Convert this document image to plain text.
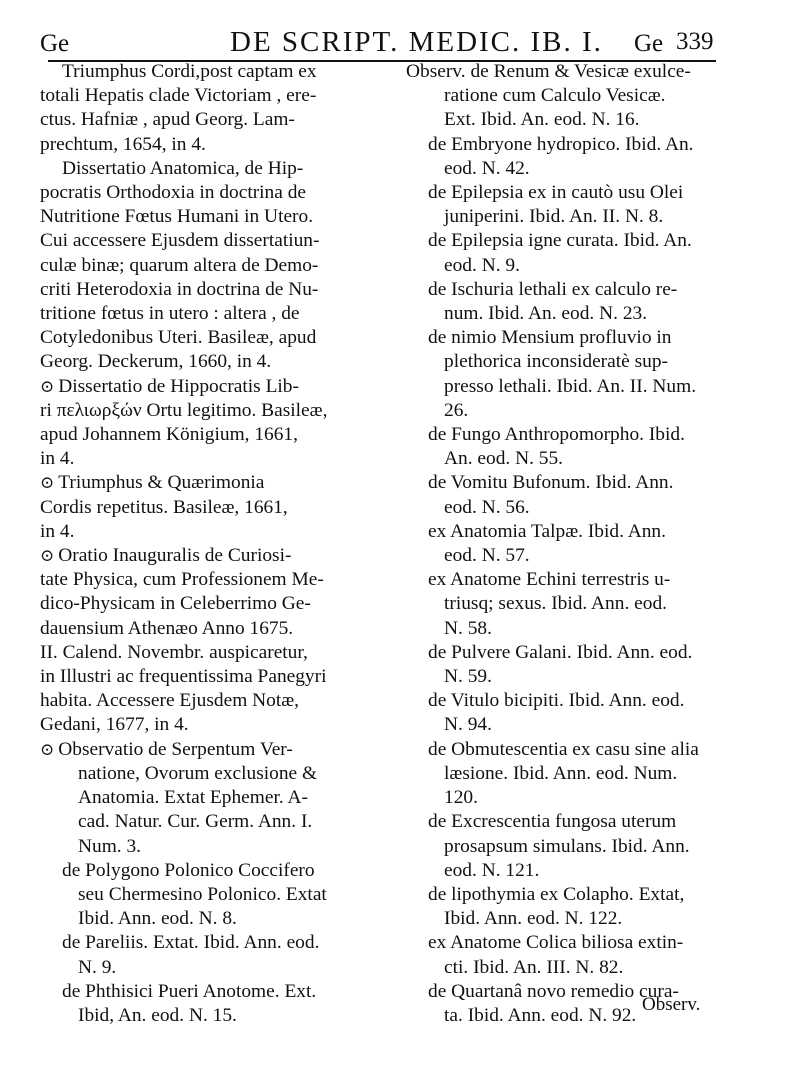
Ge	DE SCRIPT. MEDIC. IB. I. Ge 339
Triumphus Cordi,post captam ex
totali Hepatis clade Victoriam , ere-
ctus. Hafniæ , apud Georg. Lam-
prechtum, 1654, in 4.
Dissertatio Anatomica, de Hip-
pocratis Orthodoxia in doctrina de
Nutritione Fœtus Humani in Utero.
Cui accessere Ejusdem dissertatiun-
culæ binæ; quarum altera de Demo-
criti Heterodoxia in doctrina de Nu-
tritione fœtus in utero : altera , de
Cotyledonibus Uteri. Basileæ, apud
Georg. Deckerum, 1660, in 4.
⊙ Dissertatio de Hippocratis Lib-
ri πελιωρξών Ortu legitimo. Basileæ,
apud Johannem Königium, 1661,
in 4.
⊙ Triumphus & Quærimonia
Cordis repetitus. Basileæ, 1661,
in 4.
⊙ Oratio Inauguralis de Curiosi-
tate Physica, cum Professionem Me-
dico-Physicam in Celeberrimo Ge-
dauensium Athenæo Anno 1675.
II. Calend. Novembr. auspicaretur,
in Illustri ac frequentissima Panegyri
habita. Accessere Ejusdem Notæ,
Gedani, 1677, in 4.
⊙ Observatio de Serpentum Ver-
natione, Ovorum exclusione &
Anatomia. Extat Ephemer. A-
cad. Natur. Cur. Germ. Ann. I.
Num. 3.
de Polygono Polonico Coccifero
seu Chermesino Polonico. Extat
Ibid. Ann. eod. N. 8.
de Pareliis. Extat. Ibid. Ann. eod.
N. 9.
de Phthisici Pueri Anotome. Ext.
Ibid, An. eod. N. 15.
Observ. de Renum & Vesicæ exulce-
ratione cum Calculo Vesicæ.
Ext. Ibid. An. eod. N. 16.
de Embryone hydropico. Ibid. An.
eod. N. 42.
de Epilepsia ex in cautò usu Olei
juniperini. Ibid. An. II. N. 8.
de Epilepsia igne curata. Ibid. An.
eod. N. 9.
de Ischuria lethali ex calculo re-
num. Ibid. An. eod. N. 23.
de nimio Mensium profluvio in
plethorica inconsideratè sup-
presso lethali. Ibid. An. II. Num.
26.
de Fungo Anthropomorpho. Ibid.
An. eod. N. 55.
de Vomitu Bufonum. Ibid. Ann.
eod. N. 56.
ex Anatomia Talpæ. Ibid. Ann.
eod. N. 57.
ex Anatome Echini terrestris u-
triusq; sexus. Ibid. Ann. eod.
N. 58.
de Pulvere Galani. Ibid. Ann. eod.
N. 59.
de Vitulo bicipiti. Ibid. Ann. eod.
N. 94.
de Obmutescentia ex casu sine alia
læsione. Ibid. Ann. eod. Num.
120.
de Excrescentia fungosa uterum
prosapsum simulans. Ibid. Ann.
eod. N. 121.
de lipothymia ex Colapho. Extat,
Ibid. Ann. eod. N. 122.
ex Anatome Colica biliosa extin-
cti. Ibid. An. III. N. 82.
de Quartanâ novo remedio cura-
ta. Ibid. Ann. eod. N. 92.
Observ.
